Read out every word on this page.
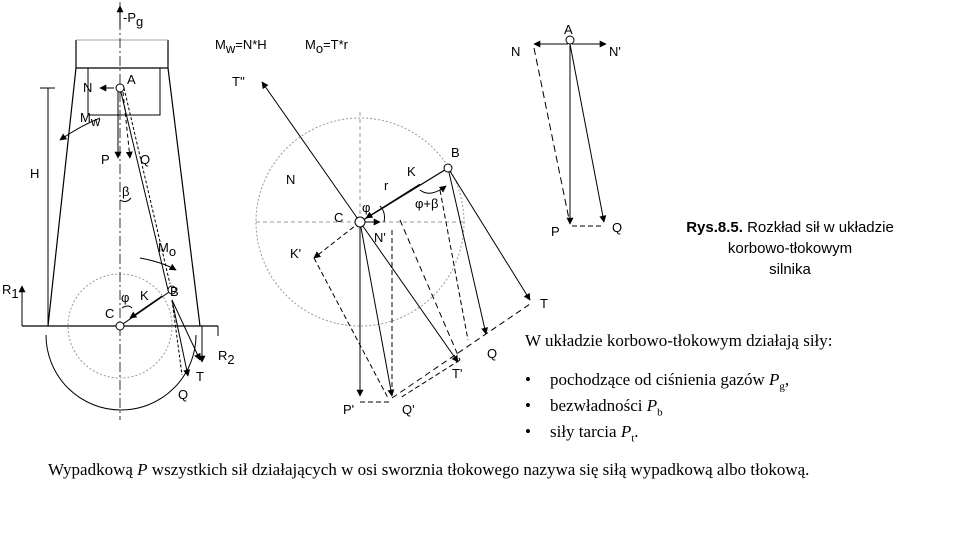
-Pg
N
A
Mw
H
P Q
β
Mo
R1	φ K B
C
R2
T
Q
Mw=N*H	Mo=T*r
T''
N
B
K
r
φ	φ+β
C
N'
K'
T
Q
T'
P'	Q'
A
N	N'
P	Q	Rys.8.5. Rozkład sił w układzie
korbowo-tłokowym
silnika
W układzie korbowo-tłokowym działają siły:
• pochodzące od ciśnienia gazów $P_g$,
• bezwładności $P_b$
• siły tarcia $P_t$.
Wypadkową P wszystkich sił działających w osi sworznia tłokowego nazywa się siłą wypadkową albo tłokową.
